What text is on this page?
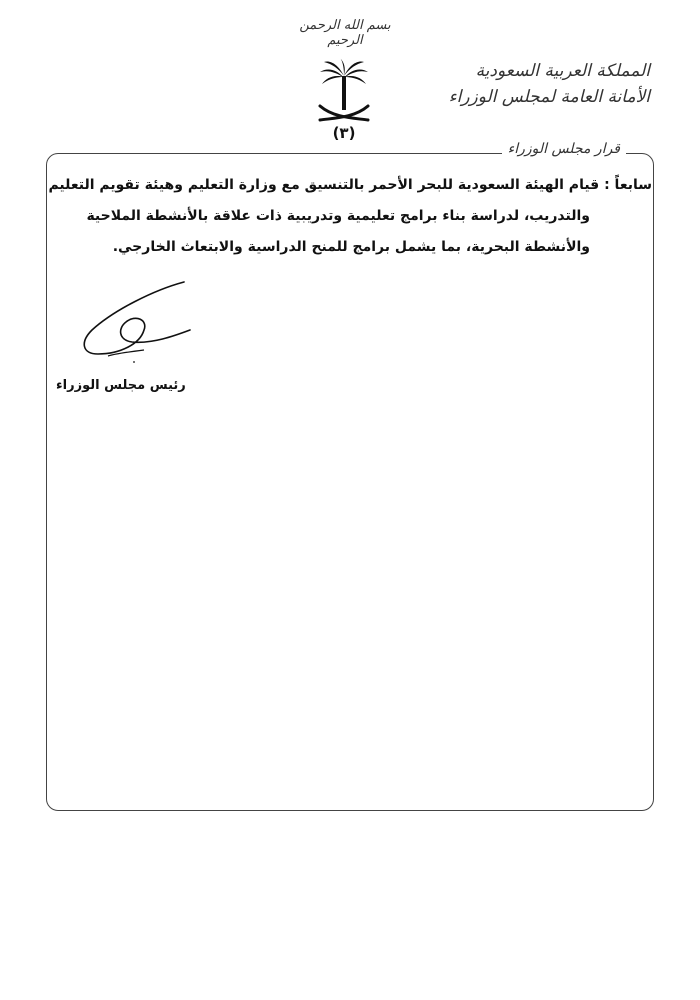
بسم الله الرحمن الرحيم
(٣)
المملكة العربية السعودية
الأمانة العامة لمجلس الوزراء
قرار مجلس الوزراء
سابعاً : قيام الهيئة السعودية للبحر الأحمر بالتنسيق مع وزارة التعليم وهيئة تقويم التعليم
والتدريب، لدراسة بناء برامج تعليمية وتدريبية ذات علاقة بالأنشطة الملاحية
والأنشطة البحرية، بما يشمل برامج للمنح الدراسية والابتعاث الخارجي.
رئيس مجلس الوزراء
